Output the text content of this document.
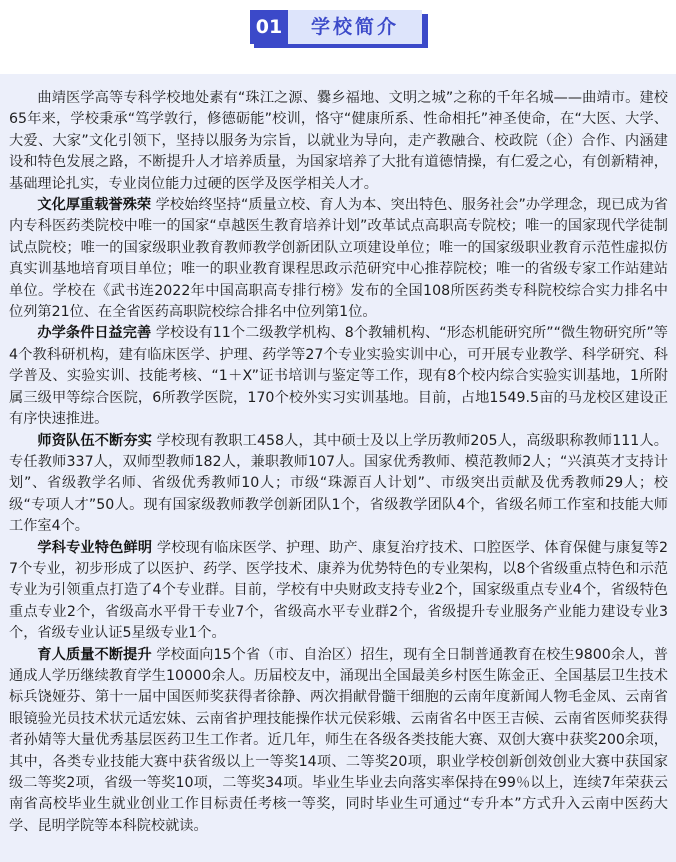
01	学校简介

曲靖医学高等专科学校地处素有“珠江之源、爨乡福地、文明之城”之称的千年名城——曲靖市。建校65年来，学校秉承“笃学敦行，修德砺能”校训，恪守“健康所系、性命相托”神圣使命，在“大医、大学、大爱、大家”文化引领下，坚持以服务为宗旨，以就业为导向，走产教融合、校政院（企）合作、内涵建设和特色发展之路，不断提升人才培养质量，为国家培养了大批有道德情操，有仁爱之心，有创新精神，基础理论扎实，专业岗位能力过硬的医学及医学相关人才。

文化厚重载誉殊荣 学校始终坚持“质量立校、育人为本、突出特色、服务社会”办学理念，现已成为省内专科医药类院校中唯一的国家“卓越医生教育培养计划”改革试点高职高专院校；唯一的国家现代学徒制试点院校；唯一的国家级职业教育教师教学创新团队立项建设单位；唯一的国家级职业教育示范性虚拟仿真实训基地培育项目单位；唯一的职业教育课程思政示范研究中心推荐院校；唯一的省级专家工作站建站单位。学校在《武书连2022年中国高职高专排行榜》发布的全国108所医药类专科院校综合实力排名中位列第21位、在全省医药高职院校综合排名中位列第1位。

办学条件日益完善 学校设有11个二级教学机构、8个教辅机构、“形态机能研究所”“微生物研究所”等4个教科研机构，建有临床医学、护理、药学等27个专业实验实训中心，可开展专业教学、科学研究、科学普及、实验实训、技能考核、“1＋X”证书培训与鉴定等工作，现有8个校内综合实验实训基地，1所附属三级甲等综合医院，6所教学医院，170个校外实习实训基地。目前，占地1549.5亩的马龙校区建设正有序快速推进。

师资队伍不断夯实 学校现有教职工458人，其中硕士及以上学历教师205人，高级职称教师111人。专任教师337人，双师型教师182人，兼职教师107人。国家优秀教师、模范教师2人；“兴滇英才支持计划”、省级教学名师、省级优秀教师10人；市级“珠源百人计划”、市级突出贡献及优秀教师29人；校级“专项人才”50人。现有国家级教师教学创新团队1个，省级教学团队4个，省级名师工作室和技能大师工作室4个。

学科专业特色鲜明 学校现有临床医学、护理、助产、康复治疗技术、口腔医学、体育保健与康复等27个专业，初步形成了以医护、药学、医学技术、康养为优势特色的专业架构，以8个省级重点特色和示范专业为引领重点打造了4个专业群。目前，学校有中央财政支持专业2个，国家级重点专业4个，省级特色重点专业2个，省级高水平骨干专业7个，省级高水平专业群2个，省级提升专业服务产业能力建设专业3个，省级专业认证5星级专业1个。

育人质量不断提升 学校面向15个省（市、自治区）招生，现有全日制普通教育在校生9800余人，普通成人学历继续教育学生10000余人。历届校友中，涌现出全国最美乡村医生陈金正、全国基层卫生技术标兵饶娅芬、第十一届中国医师奖获得者徐静、两次捐献骨髓干细胞的云南年度新闻人物毛金凤、云南省眼镜验光员技术状元适宏妹、云南省护理技能操作状元侯彩娥、云南省名中医王吉候、云南省医师奖获得者孙婧等大量优秀基层医药卫生工作者。近几年，师生在各级各类技能大赛、双创大赛中获奖200余项，其中，各类专业技能大赛中获省级以上一等奖14项、二等奖20项，职业学校创新创效创业大赛中获国家级二等奖2项，省级一等奖10项，二等奖34项。毕业生毕业去向落实率保持在99％以上，连续7年荣获云南省高校毕业生就业创业工作目标责任考核一等奖，同时毕业生可通过“专升本”方式升入云南中医药大学、昆明学院等本科院校就读。
